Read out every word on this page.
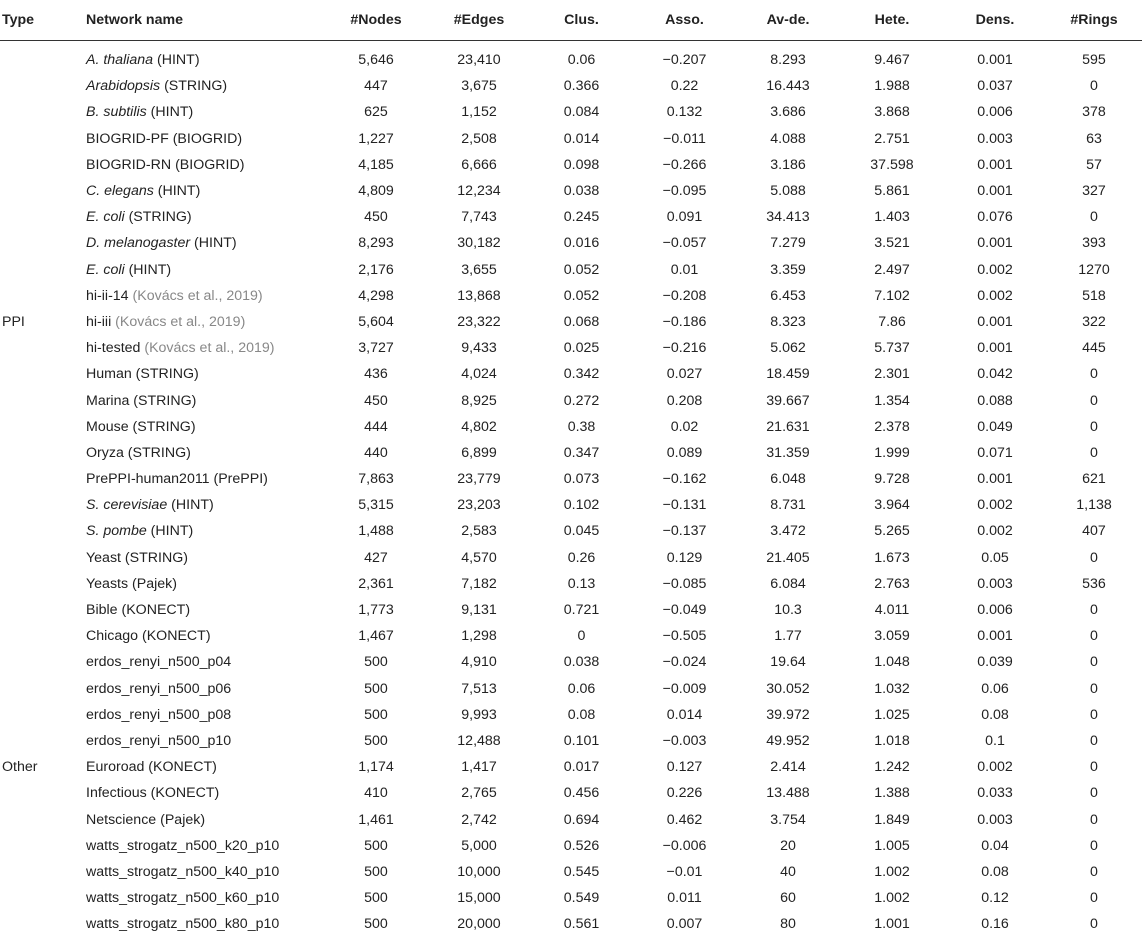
Type	Network name	#Nodes	#Edges	Clus.	Asso.	Av-de.	Hete.	Dens.	#Rings
PPI	A. thaliana (HINT)	5,646	23,410	0.06	−0.207	8.293	9.467	0.001	595
	Arabidopsis (STRING)	447	3,675	0.366	0.22	16.443	1.988	0.037	0
	B. subtilis (HINT)	625	1,152	0.084	0.132	3.686	3.868	0.006	378
	BIOGRID-PF (BIOGRID)	1,227	2,508	0.014	−0.011	4.088	2.751	0.003	63
	BIOGRID-RN (BIOGRID)	4,185	6,666	0.098	−0.266	3.186	37.598	0.001	57
	C. elegans (HINT)	4,809	12,234	0.038	−0.095	5.088	5.861	0.001	327
	E. coli (STRING)	450	7,743	0.245	0.091	34.413	1.403	0.076	0
	D. melanogaster (HINT)	8,293	30,182	0.016	−0.057	7.279	3.521	0.001	393
	E. coli (HINT)	2,176	3,655	0.052	0.01	3.359	2.497	0.002	1270
	hi-ii-14 (Kovács et al., 2019)	4,298	13,868	0.052	−0.208	6.453	7.102	0.002	518
	hi-iii (Kovács et al., 2019)	5,604	23,322	0.068	−0.186	8.323	7.86	0.001	322
	hi-tested (Kovács et al., 2019)	3,727	9,433	0.025	−0.216	5.062	5.737	0.001	445
	Human (STRING)	436	4,024	0.342	0.027	18.459	2.301	0.042	0
	Marina (STRING)	450	8,925	0.272	0.208	39.667	1.354	0.088	0
	Mouse (STRING)	444	4,802	0.38	0.02	21.631	2.378	0.049	0
	Oryza (STRING)	440	6,899	0.347	0.089	31.359	1.999	0.071	0
	PrePPI-human2011 (PrePPI)	7,863	23,779	0.073	−0.162	6.048	9.728	0.001	621
	S. cerevisiae (HINT)	5,315	23,203	0.102	−0.131	8.731	3.964	0.002	1,138
	S. pombe (HINT)	1,488	2,583	0.045	−0.137	3.472	5.265	0.002	407
	Yeast (STRING)	427	4,570	0.26	0.129	21.405	1.673	0.05	0
	Yeasts (Pajek)	2,361	7,182	0.13	−0.085	6.084	2.763	0.003	536
Other	Bible (KONECT)	1,773	9,131	0.721	−0.049	10.3	4.011	0.006	0
	Chicago (KONECT)	1,467	1,298	0	−0.505	1.77	3.059	0.001	0
	erdos_renyi_n500_p04	500	4,910	0.038	−0.024	19.64	1.048	0.039	0
	erdos_renyi_n500_p06	500	7,513	0.06	−0.009	30.052	1.032	0.06	0
	erdos_renyi_n500_p08	500	9,993	0.08	0.014	39.972	1.025	0.08	0
	erdos_renyi_n500_p10	500	12,488	0.101	−0.003	49.952	1.018	0.1	0
	Euroroad (KONECT)	1,174	1,417	0.017	0.127	2.414	1.242	0.002	0
	Infectious (KONECT)	410	2,765	0.456	0.226	13.488	1.388	0.033	0
	Netscience (Pajek)	1,461	2,742	0.694	0.462	3.754	1.849	0.003	0
	watts_strogatz_n500_k20_p10	500	5,000	0.526	−0.006	20	1.005	0.04	0
	watts_strogatz_n500_k40_p10	500	10,000	0.545	−0.01	40	1.002	0.08	0
	watts_strogatz_n500_k60_p10	500	15,000	0.549	0.011	60	1.002	0.12	0
	watts_strogatz_n500_k80_p10	500	20,000	0.561	0.007	80	1.001	0.16	0
